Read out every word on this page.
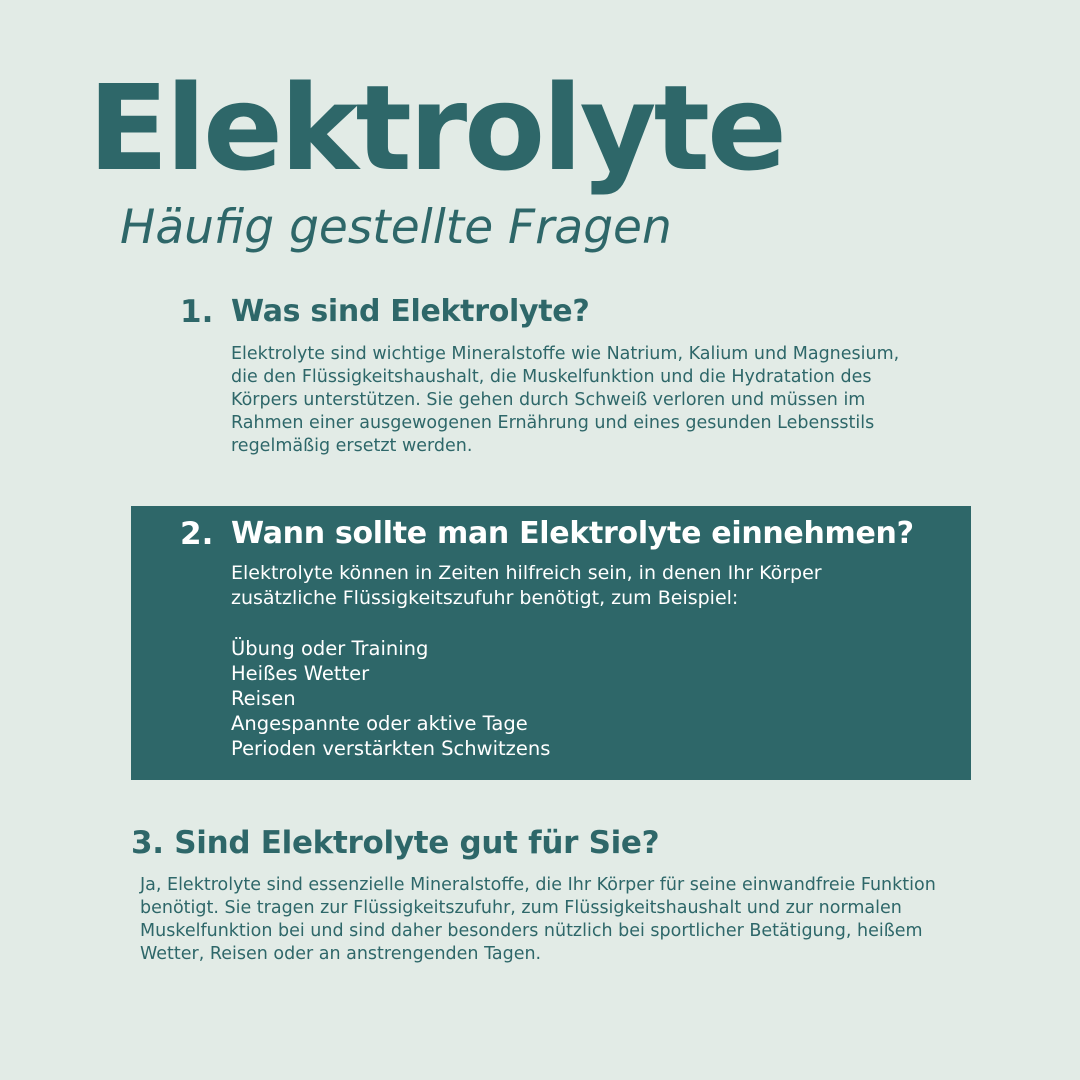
Elektrolyte
Häufig gestellte Fragen
1. Was sind Elektrolyte?

Elektrolyte sind wichtige Mineralstoffe wie Natrium, Kalium und Magnesium, die den Flüssigkeitshaushalt, die Muskelfunktion und die Hydratation des Körpers unterstützen. Sie gehen durch Schweiß verloren und müssen im Rahmen einer ausgewogenen Ernährung und eines gesunden Lebensstils regelmäßig ersetzt werden.

2. Wann sollte man Elektrolyte einnehmen?

Elektrolyte können in Zeiten hilfreich sein, in denen Ihr Körper zusätzliche Flüssigkeitszufuhr benötigt, zum Beispiel:

Übung oder Training
Heißes Wetter
Reisen
Angespannte oder aktive Tage
Perioden verstärkten Schwitzens
3. Sind Elektrolyte gut für Sie?

Ja, Elektrolyte sind essenzielle Mineralstoffe, die Ihr Körper für seine einwandfreie Funktion benötigt. Sie tragen zur Flüssigkeitszufuhr, zum Flüssigkeitshaushalt und zur normalen Muskelfunktion bei und sind daher besonders nützlich bei sportlicher Betätigung, heißem Wetter, Reisen oder an anstrengenden Tagen.
